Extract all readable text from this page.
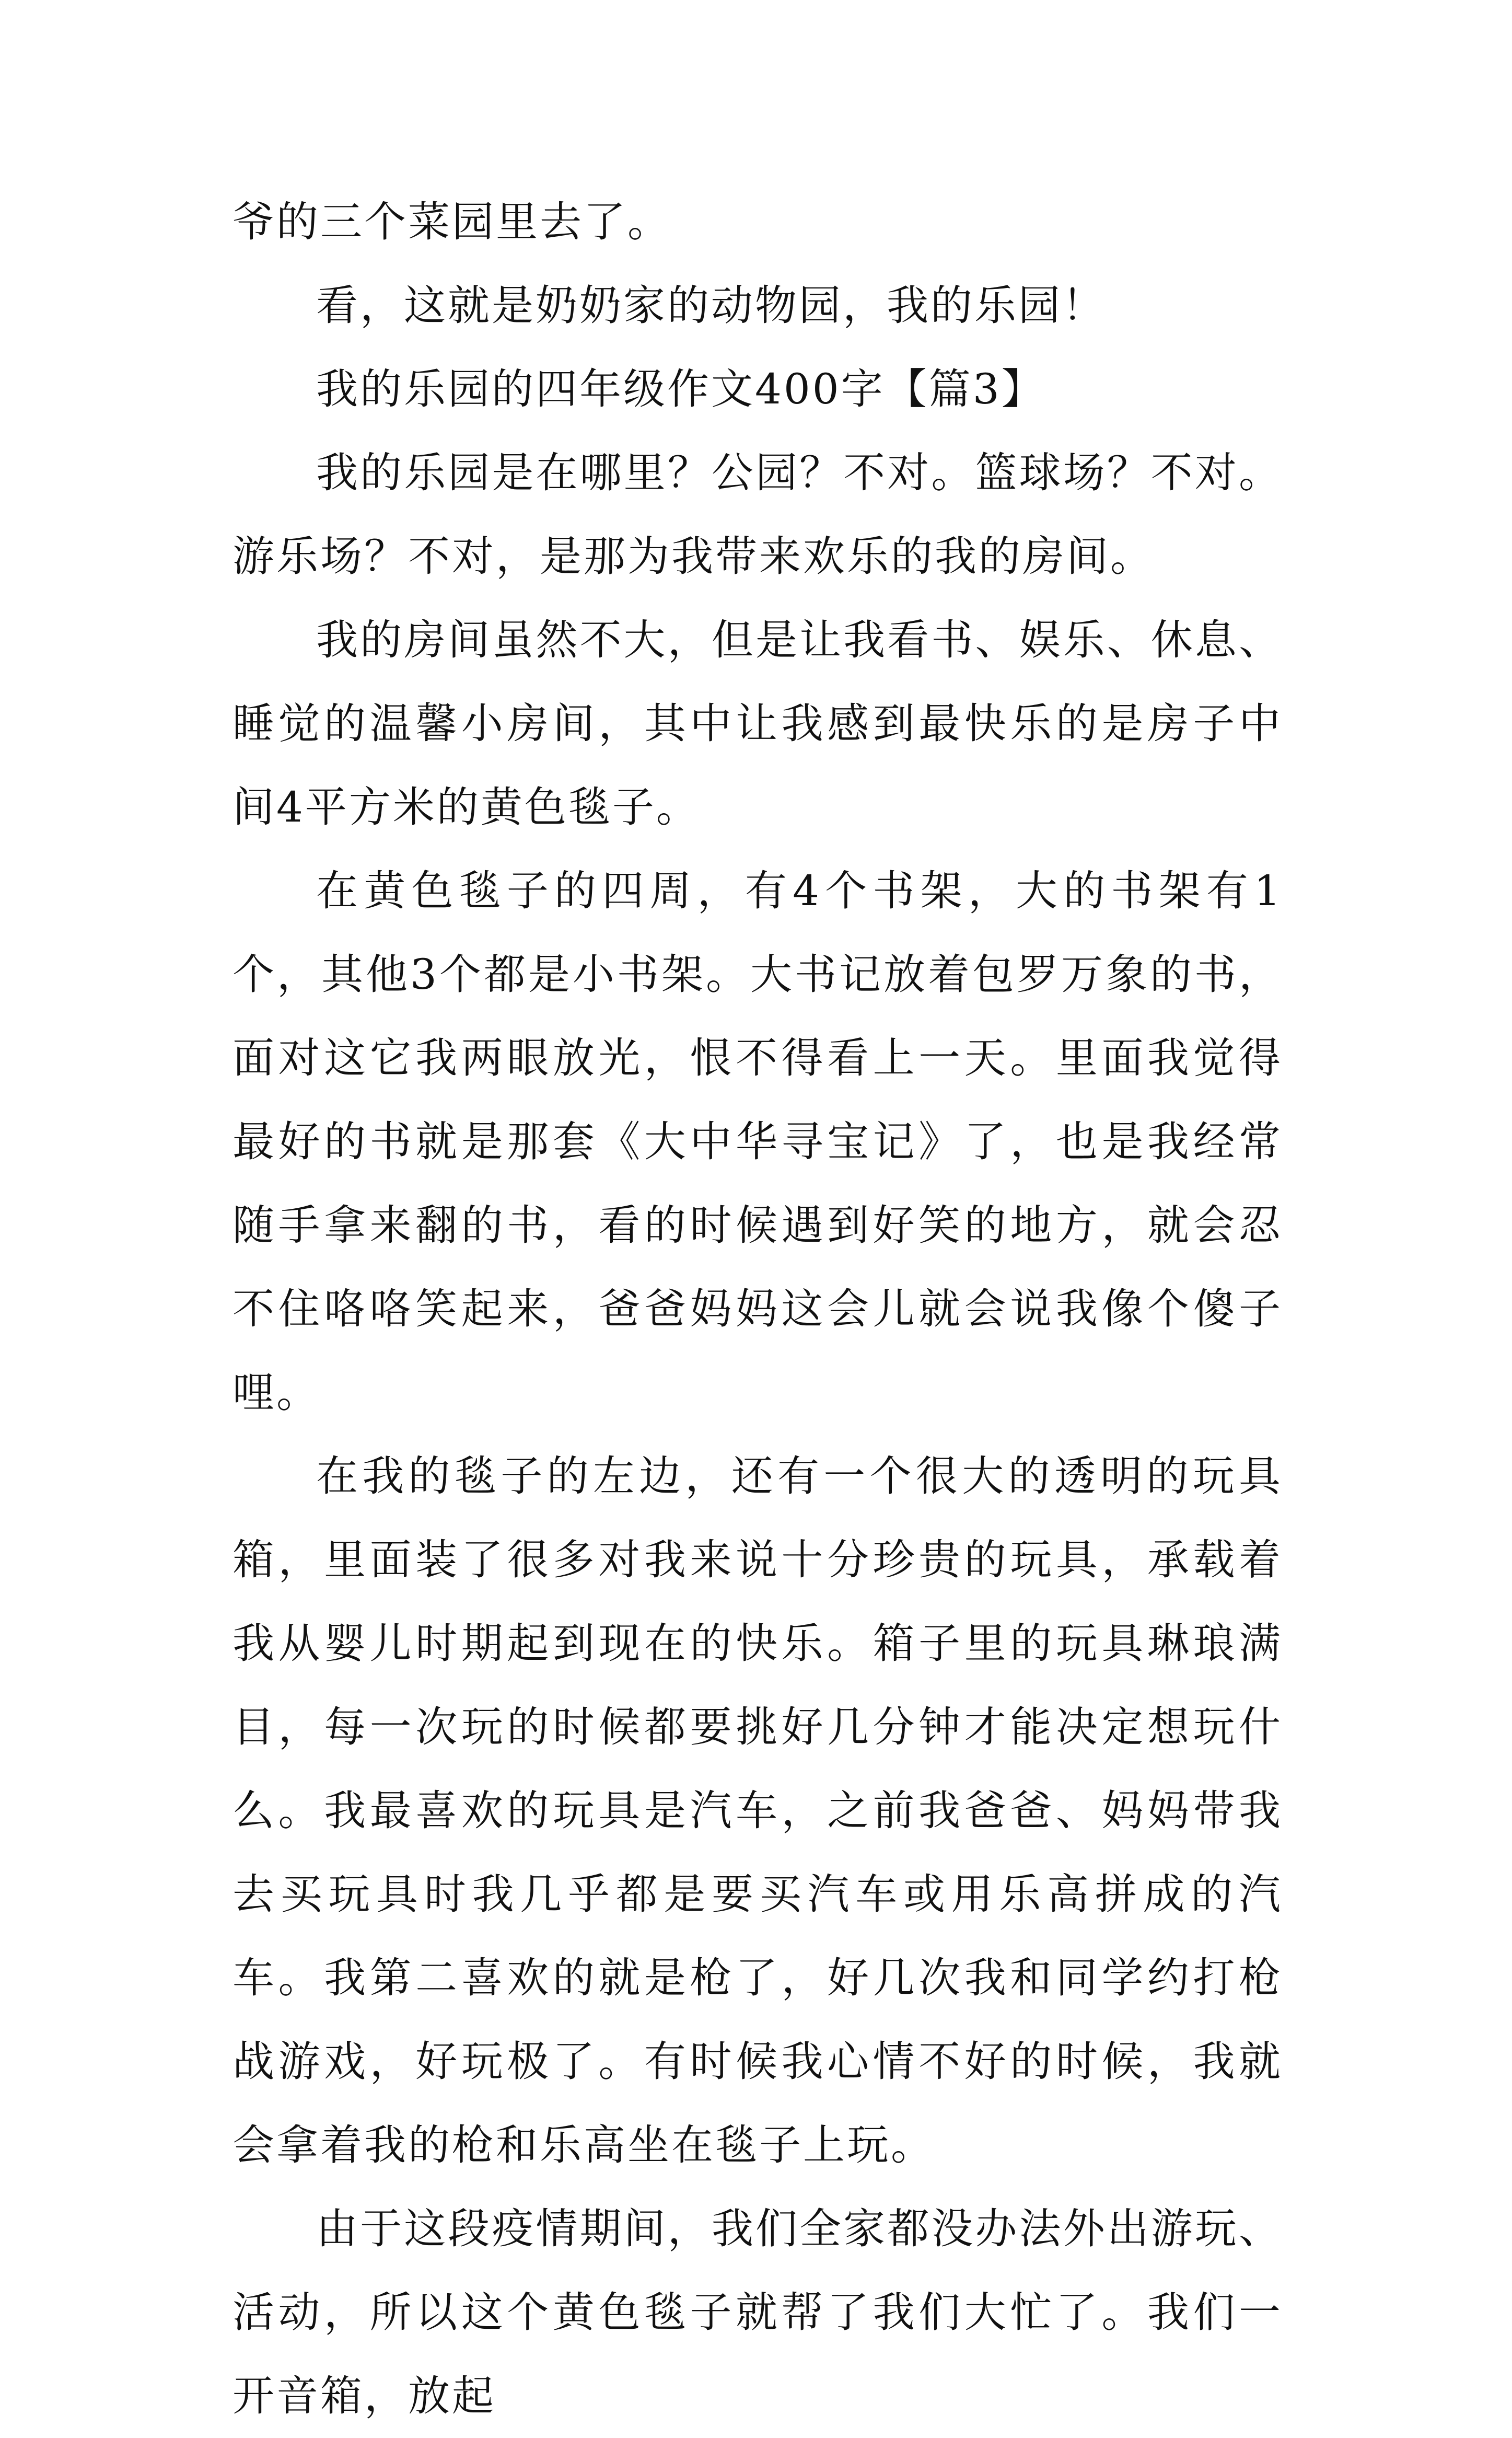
爷的三个菜园里去了。

看，这就是奶奶家的动物园，我的乐园！

我的乐园的四年级作文400字【篇3】

我的乐园是在哪里？公园？不对。篮球场？不对。游乐场？不对，是那为我带来欢乐的我的房间。

我的房间虽然不大，但是让我看书、娱乐、休息、睡觉的温馨小房间，其中让我感到最快乐的是房子中间4平方米的黄色毯子。

在黄色毯子的四周，有4个书架，大的书架有1个，其他3个都是小书架。大书记放着包罗万象的书，面对这它我两眼放光，恨不得看上一天。里面我觉得最好的书就是那套《大中华寻宝记》了，也是我经常随手拿来翻的书，看的时候遇到好笑的地方，就会忍不住咯咯笑起来，爸爸妈妈这会儿就会说我像个傻子哩。

在我的毯子的左边，还有一个很大的透明的玩具箱，里面装了很多对我来说十分珍贵的玩具，承载着我从婴儿时期起到现在的快乐。箱子里的玩具琳琅满目，每一次玩的时候都要挑好几分钟才能决定想玩什么。我最喜欢的玩具是汽车，之前我爸爸、妈妈带我去买玩具时我几乎都是要买汽车或用乐高拼成的汽车。我第二喜欢的就是枪了，好几次我和同学约打枪战游戏，好玩极了。有时候我心情不好的时候，我就会拿着我的枪和乐高坐在毯子上玩。

由于这段疫情期间，我们全家都没办法外出游玩、活动，所以这个黄色毯子就帮了我们大忙了。我们一开音箱，放起
